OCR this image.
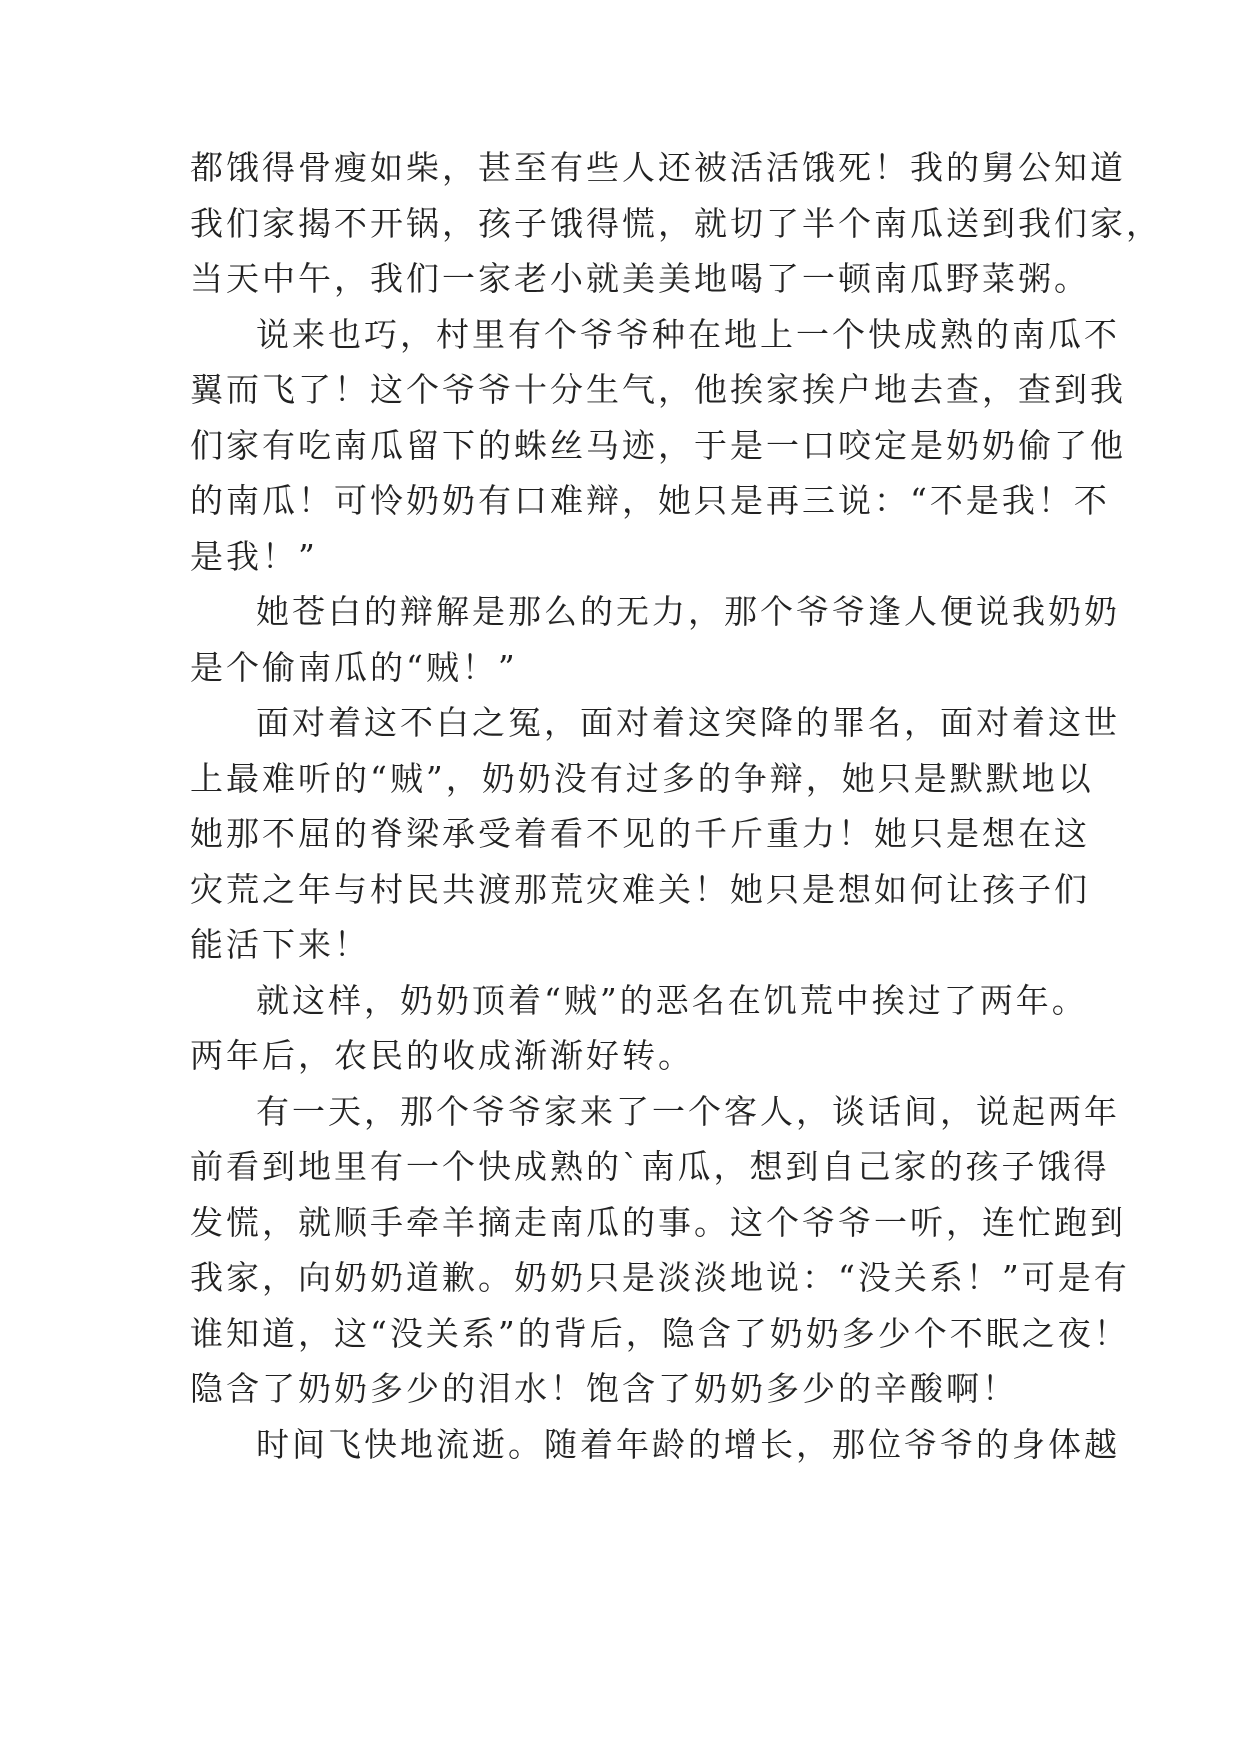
都饿得骨瘦如柴，甚至有些人还被活活饿死！我的舅公知道
我们家揭不开锅，孩子饿得慌，就切了半个南瓜送到我们家，
当天中午，我们一家老小就美美地喝了一顿南瓜野菜粥。
说来也巧，村里有个爷爷种在地上一个快成熟的南瓜不
翼而飞了！这个爷爷十分生气，他挨家挨户地去查，查到我
们家有吃南瓜留下的蛛丝马迹，于是一口咬定是奶奶偷了他
的南瓜！可怜奶奶有口难辩，她只是再三说：“不是我！不
是我！”
她苍白的辩解是那么的无力，那个爷爷逢人便说我奶奶
是个偷南瓜的“贼！”
面对着这不白之冤，面对着这突降的罪名，面对着这世
上最难听的“贼”，奶奶没有过多的争辩，她只是默默地以
她那不屈的脊梁承受着看不见的千斤重力！她只是想在这
灾荒之年与村民共渡那荒灾难关！她只是想如何让孩子们
能活下来！
就这样，奶奶顶着“贼”的恶名在饥荒中挨过了两年。
两年后，农民的收成渐渐好转。
有一天，那个爷爷家来了一个客人，谈话间，说起两年
前看到地里有一个快成熟的`南瓜，想到自己家的孩子饿得
发慌，就顺手牵羊摘走南瓜的事。这个爷爷一听，连忙跑到
我家，向奶奶道歉。奶奶只是淡淡地说：“没关系！”可是有
谁知道，这“没关系”的背后，隐含了奶奶多少个不眠之夜！
隐含了奶奶多少的泪水！饱含了奶奶多少的辛酸啊！
时间飞快地流逝。随着年龄的增长，那位爷爷的身体越
